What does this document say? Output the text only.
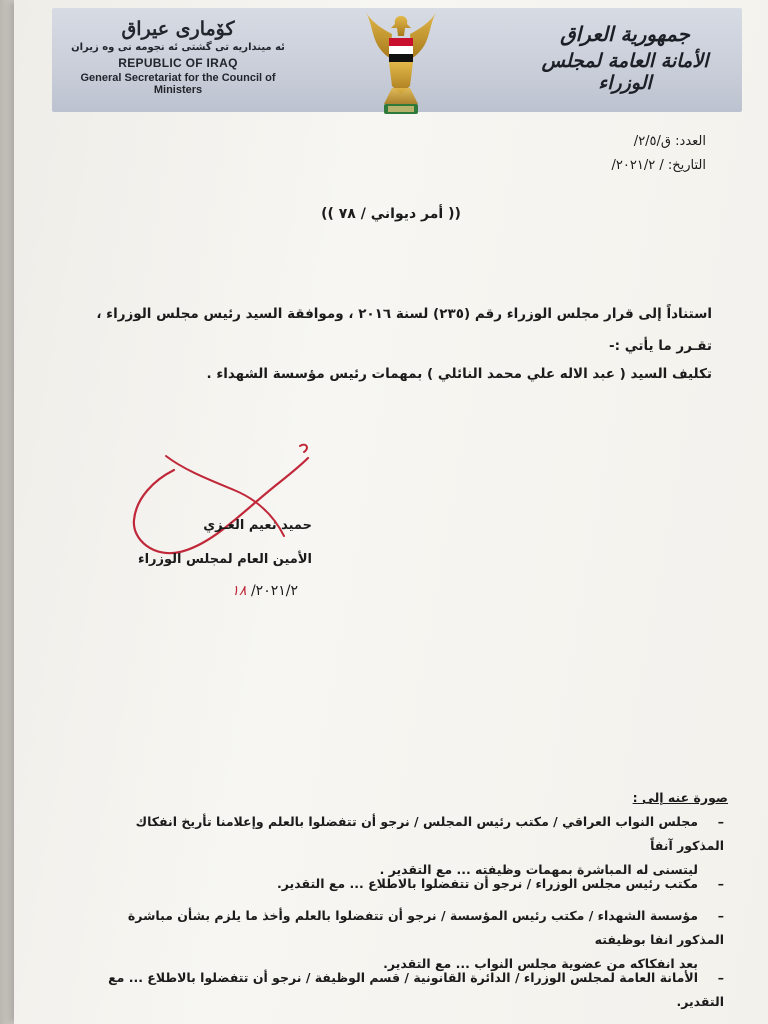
كۆماری عیراق
ئه مینداریه تی گشتی ئه نجومه نی وه زیران
REPUBLIC OF IRAQ
General Secretariat for the Council of Ministers
جمهورية العراق
الأمانة العامة لمجلس الوزراء
العدد: ق/٢/٥/
التاريخ: / ٢٠٢١/٢/
(( أمر ديواني / ٧٨ ))
استناداً إلى قرار مجلس الوزراء رقم (٢٣٥) لسنة ٢٠١٦ ، وموافقة السيد رئيس مجلس الوزراء ،
تقـرر ما يأتي :-
تكليف السيد ( عبد الاله علي محمد النائلي ) بمهمات رئيس مؤسسة الشهداء .
حميد نعيم الغـزي
الأمين العام لمجلس الوزراء
٢٠٢١/٢/ ١٨
صورة عنه إلى :
–مجلس النواب العراقي / مكتب رئيس المجلس / نرجو أن تتفضلوا بالعلم وإعلامنا تأريخ انفكاك المذكور آنفاً
ليتسنى له المباشرة بمهمات وظيفته ... مع التقدير .
–مكتب رئيس مجلس الوزراء / نرجو أن تتفضلوا بالاطلاع ... مع التقدير.
–مؤسسة الشهداء / مكتب رئيس المؤسسة / نرجو أن تتفضلوا بالعلم وأخذ ما يلزم بشأن مباشرة المذكور انفا بوظيفته
بعد انفكاكه من عضوية مجلس النواب ... مع التقدير.
–الأمانة العامة لمجلس الوزراء / الدائرة القانونية / قسم الوظيفة / نرجو أن تتفضلوا بالاطلاع ... مع التقدير.
